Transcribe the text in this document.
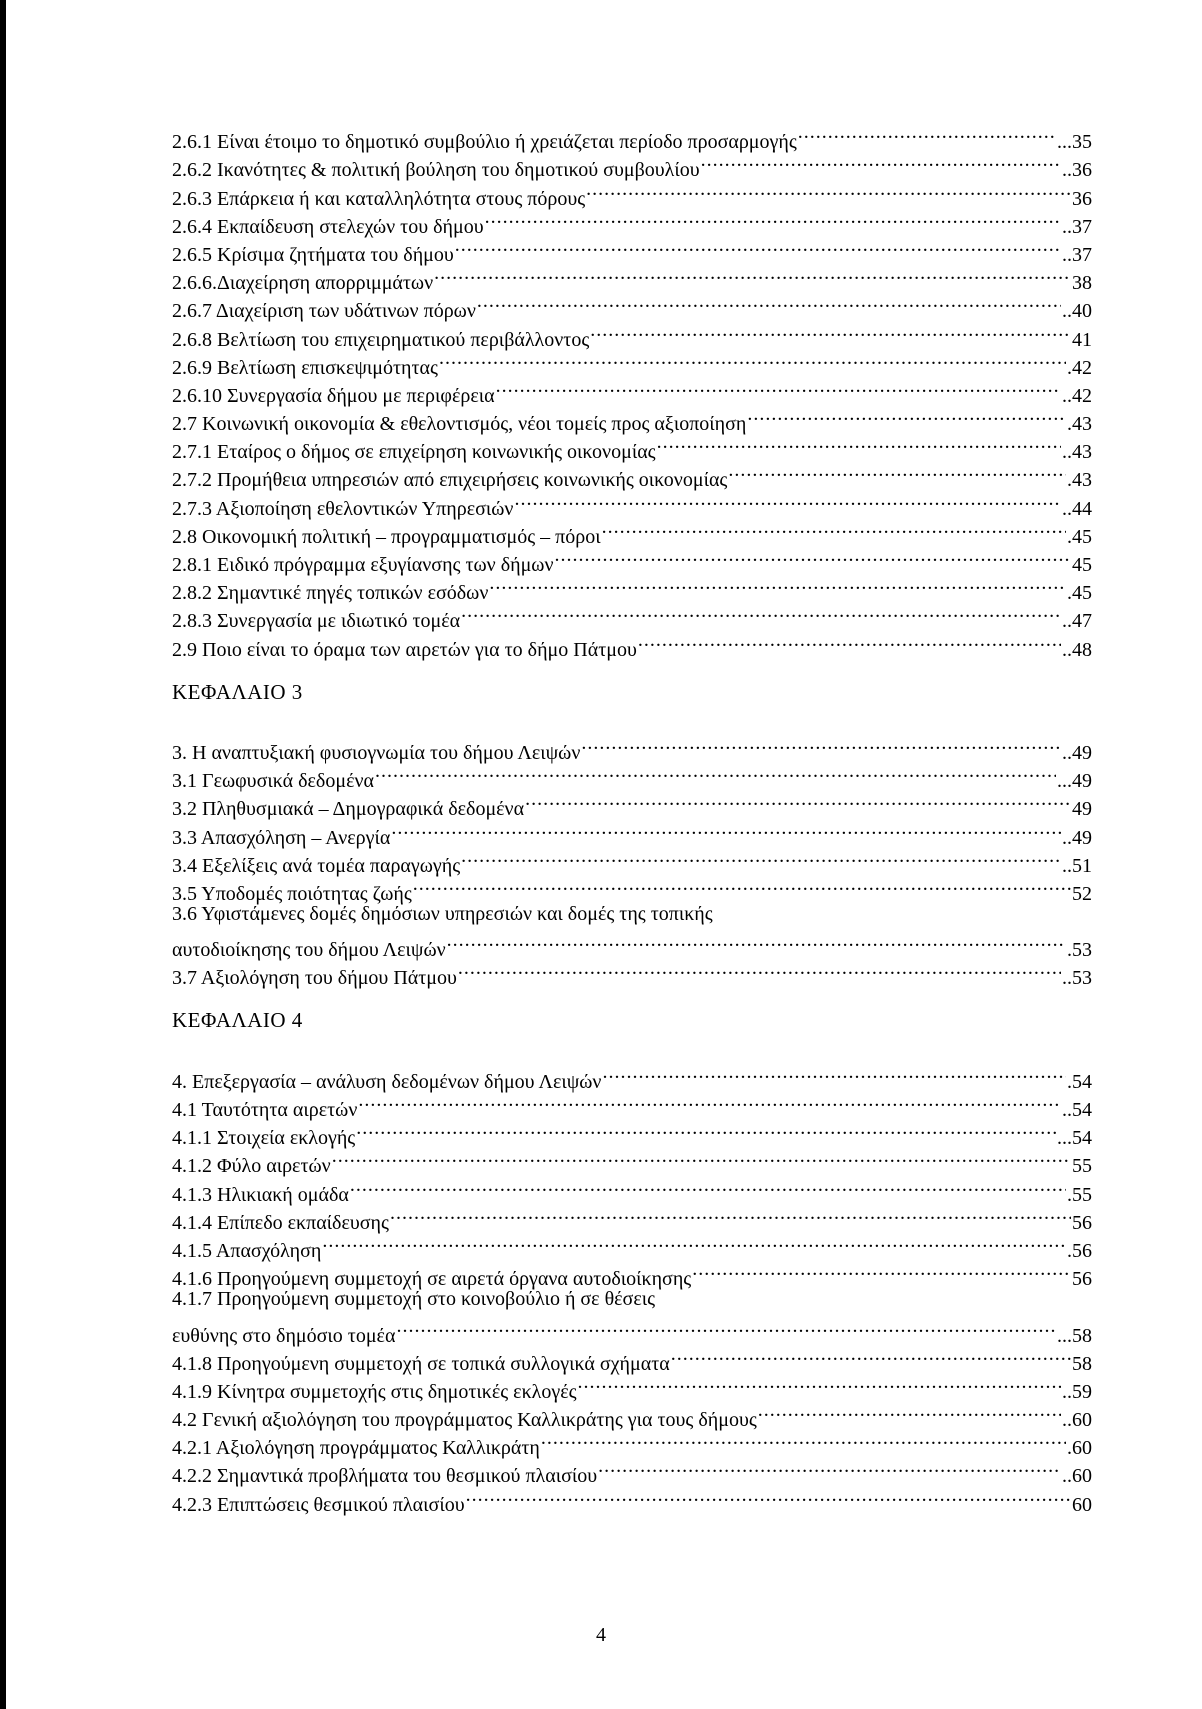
2.6.1 Είναι έτοιμο το δημοτικό συμβούλιο ή χρειάζεται περίοδο προσαρμογής .....	...35
2.6.2 Ικανότητες & πολιτική βούληση του δημοτικού συμβουλίου .....	..36
2.6.3 Επάρκεια ή και καταλληλότητα στους πόρους .....	36
2.6.4 Εκπαίδευση στελεχών του δήμου .....	..37
2.6.5 Κρίσιμα ζητήματα του δήμου .....	..37
2.6.6.Διαχείρηση απορριμμάτων .....	38
2.6.7 Διαχείριση των υδάτινων πόρων .....	..40
2.6.8 Βελτίωση του επιχειρηματικού περιβάλλοντος .....	41
2.6.9 Βελτίωση επισκεψιμότητας .....	.42
2.6.10 Συνεργασία δήμου με περιφέρεια .....	..42
2.7 Κοινωνική οικονομία & εθελοντισμός, νέοι τομείς προς αξιοποίηση .....	.43
2.7.1 Εταίρος ο δήμος σε επιχείρηση κοινωνικής οικονομίας .....	..43
2.7.2 Προμήθεια υπηρεσιών από επιχειρήσεις κοινωνικής οικονομίας .....	.43
2.7.3 Αξιοποίηση εθελοντικών Υπηρεσιών .....	..44
2.8 Οικονομική πολιτική – προγραμματισμός – πόροι .....	.45
2.8.1 Ειδικό πρόγραμμα εξυγίανσης των δήμων .....	45
2.8.2 Σημαντικέ πηγές τοπικών εσόδων .....	.45
2.8.3 Συνεργασία με ιδιωτικό τομέα .....	..47
2.9 Ποιο είναι το όραμα των αιρετών για το δήμο Πάτμου .....	..48
ΚΕΦΑΛΑΙΟ 3
3. Η αναπτυξιακή φυσιογνωμία του δήμου Λειψών .....	..49
3.1 Γεωφυσικά δεδομένα .....	...49
3.2 Πληθυσμιακά – Δημογραφικά δεδομένα .....	49
3.3 Απασχόληση – Ανεργία .....	..49
3.4 Εξελίξεις ανά τομέα παραγωγής .....	..51
3.5 Υποδομές ποιότητας ζωής .....	52
3.6 Υφιστάμενες δομές δημόσιων υπηρεσιών και δομές της τοπικής
αυτοδιοίκησης του δήμου Λειψών .....	.53
3.7 Αξιολόγηση του δήμου Πάτμου .....	..53
ΚΕΦΑΛΑΙΟ 4
4. Επεξεργασία – ανάλυση δεδομένων δήμου Λειψών .....	.54
4.1 Ταυτότητα αιρετών .....	..54
4.1.1 Στοιχεία εκλογής .....	...54
4.1.2 Φύλο αιρετών .....	55
4.1.3 Ηλικιακή ομάδα .....	.55
4.1.4 Επίπεδο εκπαίδευσης .....	56
4.1.5 Απασχόληση .....	.56
4.1.6 Προηγούμενη συμμετοχή σε αιρετά όργανα αυτοδιοίκησης .....	56
4.1.7 Προηγούμενη συμμετοχή στο κοινοβούλιο ή σε θέσεις
ευθύνης στο δημόσιο τομέα .....	...58
4.1.8 Προηγούμενη συμμετοχή σε τοπικά συλλογικά σχήματα .....	58
4.1.9 Κίνητρα συμμετοχής στις δημοτικές εκλογές .....	..59
4.2 Γενική αξιολόγηση του προγράμματος Καλλικράτης για τους δήμους .....	..60
4.2.1 Αξιολόγηση προγράμματος Καλλικράτη .....	.60
4.2.2 Σημαντικά προβλήματα του θεσμικού πλαισίου .....	..60
4.2.3 Επιπτώσεις θεσμικού πλαισίου .....	60
4
